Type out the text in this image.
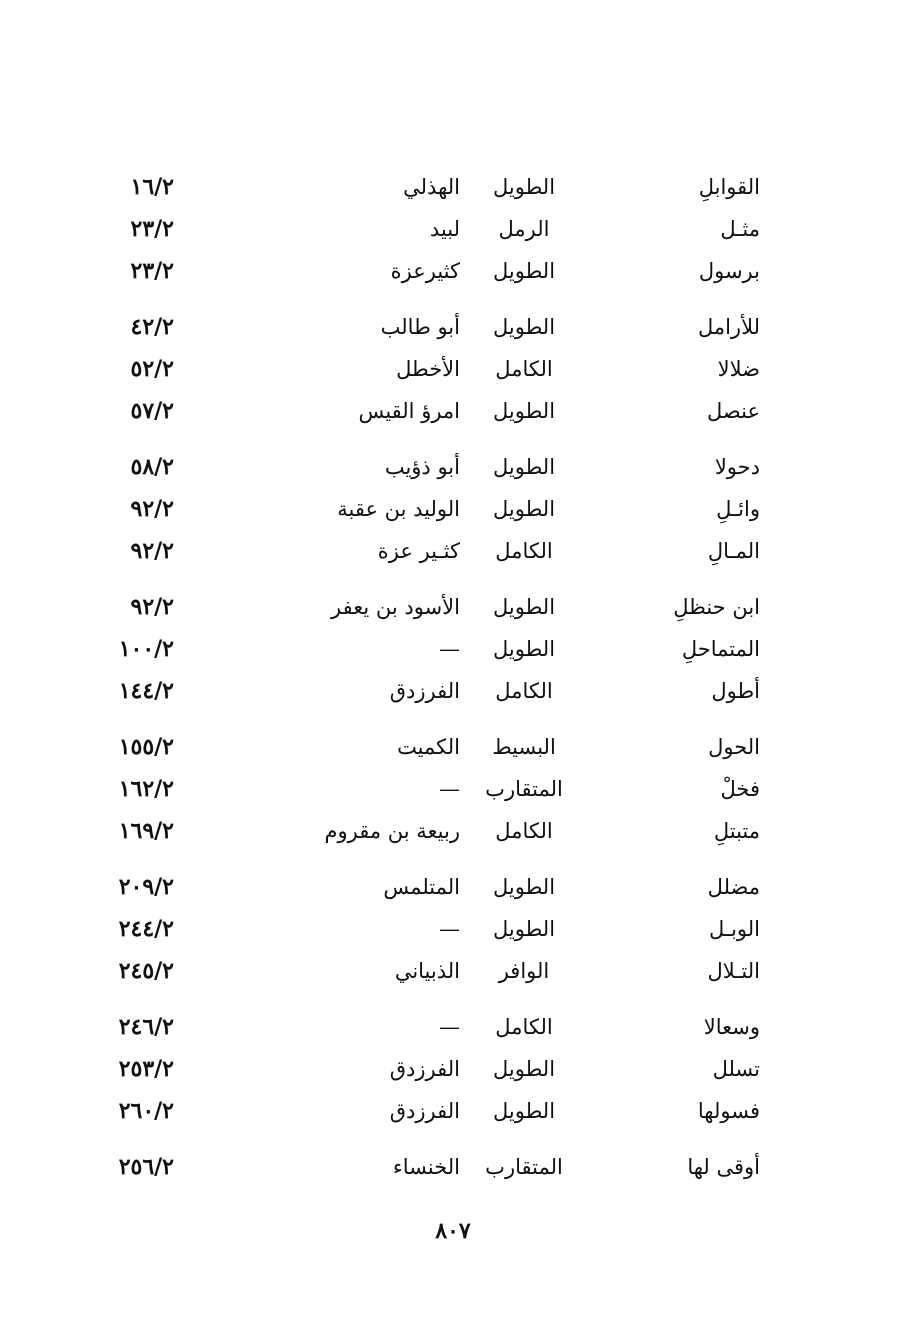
القوابلِ
الطويل
الهذلي
١٦/٢
مثـل
الرمل
لبيد
٢٣/٢
برسول
الطويل
كثيرعزة
٢٣/٢
للأرامل
الطويل
أبو طالب
٤٢/٢
ضلالا
الكامل
الأخطل
٥٢/٢
عنصل
الطويل
امرؤ القيس
٥٧/٢
دحولا
الطويل
أبو ذؤيب
٥٨/٢
وائـلِ
الطويل
الوليد بن عقبة
٩٢/٢
المـالِ
الكامل
كثـير عزة
٩٢/٢
ابن حنظلِ
الطويل
الأسود بن يعفر
٩٢/٢
المتماحلِ
الطويل
—
١٠٠/٢
أطول
الكامل
الفرزدق
١٤٤/٢
الحول
البسيط
الكميت
١٥٥/٢
فخلْ
المتقارب
—
١٦٢/٢
متبتلِ
الكامل
ربيعة بن مقروم
١٦٩/٢
مضلل
الطويل
المتلمس
٢٠٩/٢
الوبـل
الطويل
—
٢٤٤/٢
التـلال
الوافر
الذبياني
٢٤٥/٢
وسعالا
الكامل
—
٢٤٦/٢
تسلل
الطويل
الفرزدق
٢٥٣/٢
فسولها
الطويل
الفرزدق
٢٦٠/٢
أوقى لها
المتقارب
الخنساء
٢٥٦/٢
٨٠٧
